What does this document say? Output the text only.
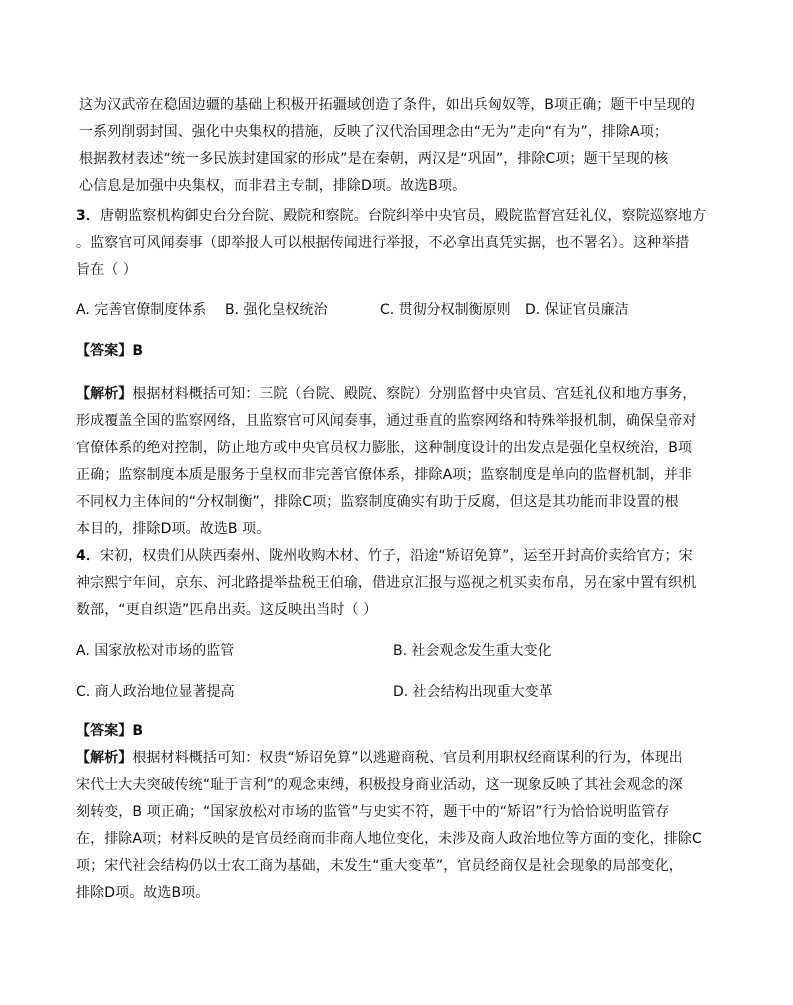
这为汉武帝在稳固边疆的基础上积极开拓疆域创造了条件，如出兵匈奴等，B项正确；题干中呈现的
一系列削弱封国、强化中央集权的措施，反映了汉代治国理念由“无为”走向“有为”，排除A项；
根据教材表述“统一多民族封建国家的形成”是在秦朝，两汉是“巩固”，排除C项；题干呈现的核
心信息是加强中央集权，而非君主专制，排除D项。故选B项。
3．唐朝监察机构御史台分台院、殿院和察院。台院纠举中央官员，殿院监督宫廷礼仪，察院巡察地方
。监察官可风闻奏事（即举报人可以根据传闻进行举报，不必拿出真凭实据，也不署名）。这种举措
旨在（ ）
A. 完善官僚制度体系 B. 强化皇权统治	C. 贯彻分权制衡原则 D. 保证官员廉洁
【答案】B
【解析】根据材料概括可知：三院（台院、殿院、察院）分别监督中央官员、宫廷礼仪和地方事务，
形成覆盖全国的监察网络，且监察官可风闻奏事，通过垂直的监察网络和特殊举报机制，确保皇帝对
官僚体系的绝对控制，防止地方或中央官员权力膨胀，这种制度设计的出发点是强化皇权统治，B项
正确；监察制度本质是服务于皇权而非完善官僚体系，排除A项；监察制度是单向的监督机制，并非
不同权力主体间的“分权制衡”，排除C项；监察制度确实有助于反腐，但这是其功能而非设置的根
本目的，排除D项。故选B 项。
4．宋初，权贵们从陕西秦州、陇州收购木材、竹子，沿途“矫诏免算”，运至开封高价卖给官方；宋
神宗熙宁年间，京东、河北路提举盐税王伯瑜，借进京汇报与巡视之机买卖布帛，另在家中置有织机
数部，“更自织造”匹帛出卖。这反映出当时（ ）
A. 国家放松对市场的监管	B. 社会观念发生重大变化
C. 商人政治地位显著提高	D. 社会结构出现重大变革
【答案】B
【解析】根据材料概括可知：权贵“矫诏免算”以逃避商税、官员利用职权经商谋利的行为，体现出
宋代士大夫突破传统“耻于言利”的观念束缚，积极投身商业活动，这一现象反映了其社会观念的深
刻转变，B 项正确；“国家放松对市场的监管”与史实不符，题干中的“矫诏”行为恰恰说明监管存
在，排除A项；材料反映的是官员经商而非商人地位变化，未涉及商人政治地位等方面的变化，排除C
项；宋代社会结构仍以士农工商为基础，未发生“重大变革”，官员经商仅是社会现象的局部变化，
排除D项。故选B项。
